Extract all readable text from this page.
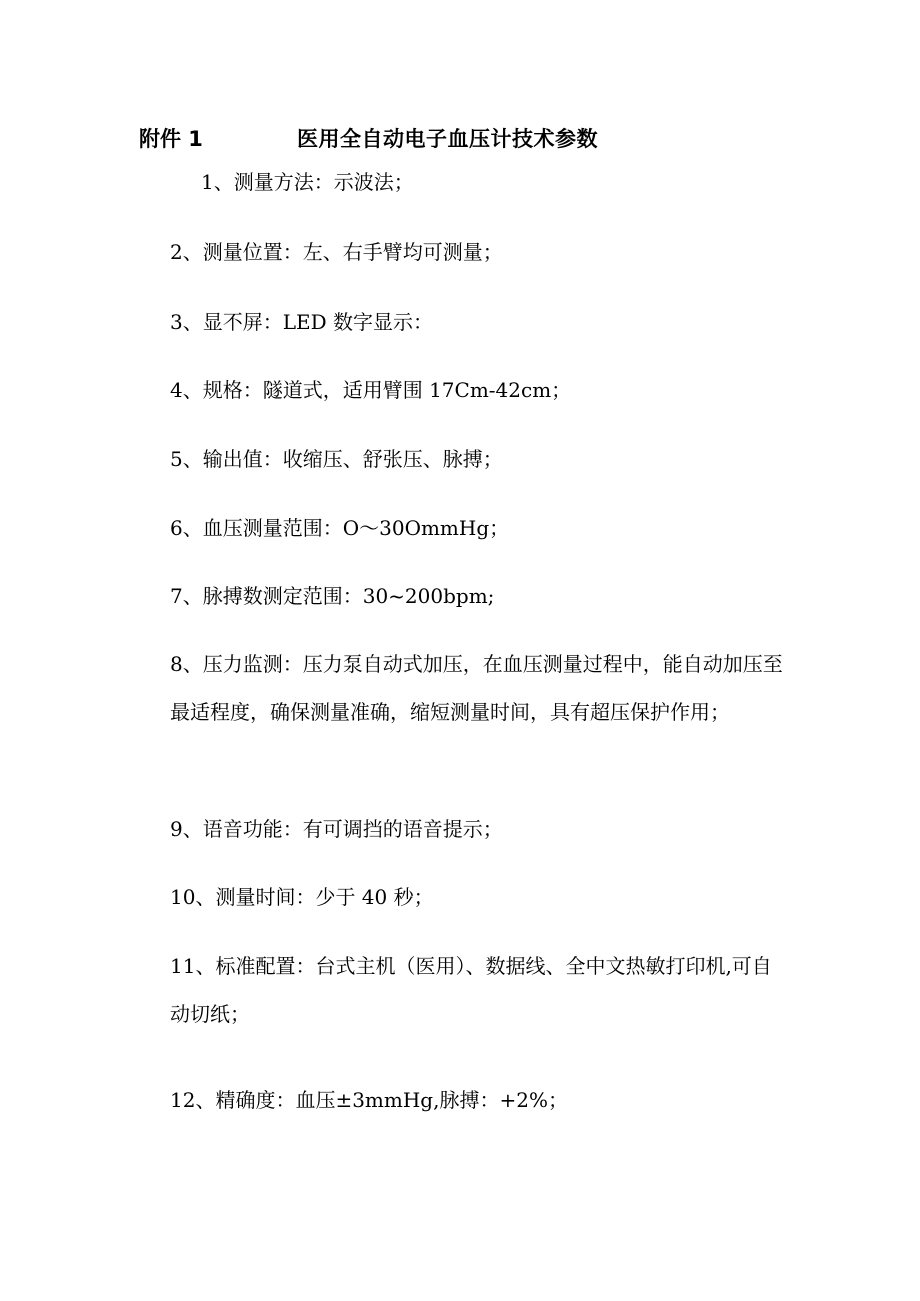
附件 1	医用全自动电子血压计技术参数
1、测量方法：示波法；
2、测量位置：左、右手臂均可测量；
3、显不屏：LED 数字显示：
4、规格：隧道式，适用臂围 17Cm-42cm；
5、输出值：收缩压、舒张压、脉搏；
6、血压测量范围：O～30OmmHg；
7、脉搏数测定范围：30~200bpm;
8、压力监测：压力泵自动式加压，在血压测量过程中，能自动加压至最适程度，确保测量准确，缩短测量时间，具有超压保护作用；
9、语音功能：有可调挡的语音提示；
10、测量时间：少于 40 秒；
11、标准配置：台式主机（医用）、数据线、全中文热敏打印机,可自动切纸；
12、精确度：血压±3mmHg,脉搏：+2%；
